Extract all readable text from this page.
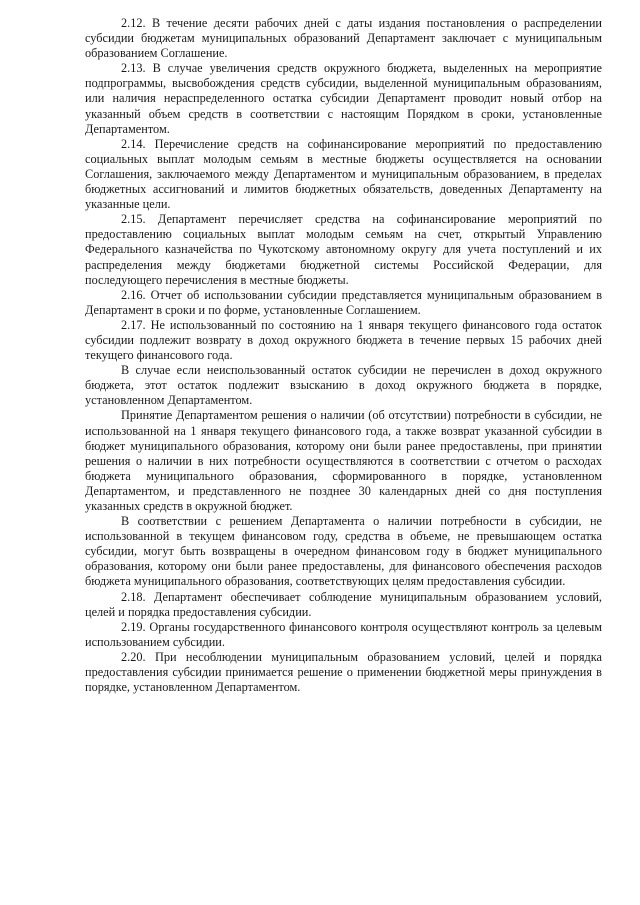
2.12. В течение десяти рабочих дней с даты издания постановления о распределении субсидии бюджетам муниципальных образований Департамент заключает с муниципальным образованием Соглашение.

2.13. В случае увеличения средств окружного бюджета, выделенных на мероприятие подпрограммы, высвобождения средств субсидии, выделенной муниципальным образованиям, или наличия нераспределенного остатка субсидии Департамент проводит новый отбор на указанный объем средств в соответствии с настоящим Порядком в сроки, установленные Департаментом.

2.14. Перечисление средств на софинансирование мероприятий по предоставлению социальных выплат молодым семьям в местные бюджеты осуществляется на основании Соглашения, заключаемого между Департаментом и муниципальным образованием, в пределах бюджетных ассигнований и лимитов бюджетных обязательств, доведенных Департаменту на указанные цели.

2.15. Департамент перечисляет средства на софинансирование мероприятий по предоставлению социальных выплат молодым семьям на счет, открытый Управлению Федерального казначейства по Чукотскому автономному округу для учета поступлений и их распределения между бюджетами бюджетной системы Российской Федерации, для последующего перечисления в местные бюджеты.

2.16. Отчет об использовании субсидии представляется муниципальным образованием в Департамент в сроки и по форме, установленные Соглашением.

2.17. Не использованный по состоянию на 1 января текущего финансового года остаток субсидии подлежит возврату в доход окружного бюджета в течение первых 15 рабочих дней текущего финансового года.

В случае если неиспользованный остаток субсидии не перечислен в доход окружного бюджета, этот остаток подлежит взысканию в доход окружного бюджета в порядке, установленном Департаментом.

Принятие Департаментом решения о наличии (об отсутствии) потребности в субсидии, не использованной на 1 января текущего финансового года, а также возврат указанной субсидии в бюджет муниципального образования, которому они были ранее предоставлены, при принятии решения о наличии в них потребности осуществляются в соответствии с отчетом о расходах бюджета муниципального образования, сформированного в порядке, установленном Департаментом, и представленного не позднее 30 календарных дней со дня поступления указанных средств в окружной бюджет.

В соответствии с решением Департамента о наличии потребности в субсидии, не использованной в текущем финансовом году, средства в объеме, не превышающем остатка субсидии, могут быть возвращены в очередном финансовом году в бюджет муниципального образования, которому они были ранее предоставлены, для финансового обеспечения расходов бюджета муниципального образования, соответствующих целям предоставления субсидии.

2.18. Департамент обеспечивает соблюдение муниципальным образованием условий, целей и порядка предоставления субсидии.

2.19. Органы государственного финансового контроля осуществляют контроль за целевым использованием субсидии.

2.20. При несоблюдении муниципальным образованием условий, целей и порядка предоставления субсидии принимается решение о применении бюджетной меры принуждения в порядке, установленном Департаментом.
